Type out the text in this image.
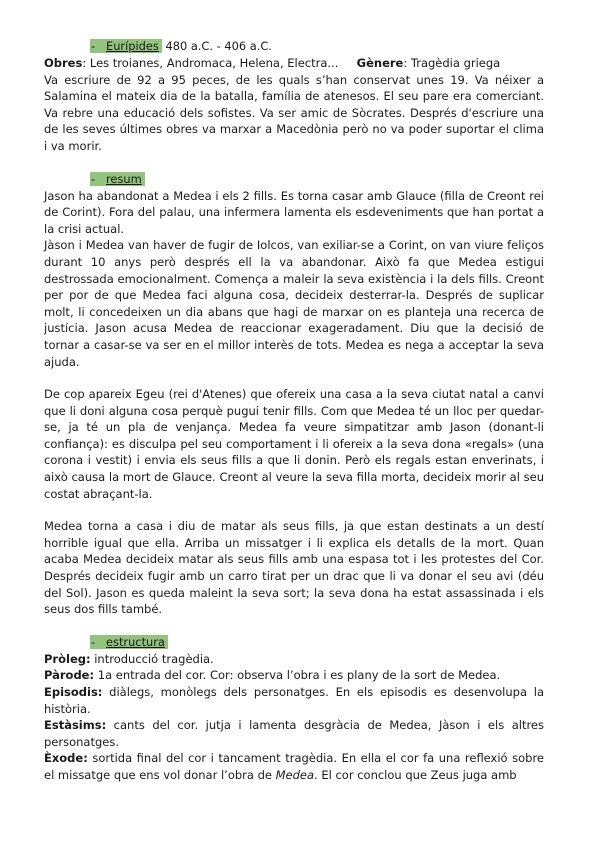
- Eurípides 480 a.C. - 406 a.C.

Obres: Les troianes, Andromaca, Helena, Electra... Gènere: Tragèdia griega

Va escriure de 92 a 95 peces, de les quals s’han conservat unes 19. Va néixer a Salamina el mateix dia de la batalla, família de atenesos. El seu pare era comerciant. Va rebre una educació dels sofistes. Va ser amic de Sòcrates. Després d'escriure una de les seves últimes obres va marxar a Macedònia però no va poder suportar el clima i va morir.

- resum

Jason ha abandonat a Medea i els 2 fills. Es torna casar amb Glauce (filla de Creont rei de Corint). Fora del palau, una infermera lamenta els esdeveniments que han portat a la crisi actual.

Jàson i Medea van haver de fugir de Iolcos, van exiliar-se a Corint, on van viure feliços durant 10 anys però després ell la va abandonar. Això fa que Medea estigui destrossada emocionalment. Comença a maleir la seva existència i la dels fills. Creont per por de que Medea faci alguna cosa, decideix desterrar-la. Després de suplicar molt, li concedeixen un dia abans que hagi de marxar on es planteja una recerca de justícia. Jason acusa Medea de reaccionar exageradament. Diu que la decisió de tornar a casar-se va ser en el millor interès de tots. Medea es nega a acceptar la seva ajuda.

De cop apareix Egeu (rei d'Atenes) que ofereix una casa a la seva ciutat natal a canvi que li doni alguna cosa perquè pugui tenir fills. Com que Medea té un lloc per quedar-se, ja té un pla de venjança. Medea fa veure simpatitzar amb Jason (donant-li confiança): es disculpa pel seu comportament i li ofereix a la seva dona «regals» (una corona i vestit) i envia els seus fills a que li donin. Però els regals estan enverinats, i això causa la mort de Glauce. Creont al veure la seva filla morta, decideix morir al seu costat abraçant-la.

Medea torna a casa i diu de matar als seus fills, ja que estan destinats a un destí horrible igual que ella. Arriba un missatger i li explica els detalls de la mort. Quan acaba Medea decideix matar als seus fills amb una espasa tot i les protestes del Cor. Després decideix fugir amb un carro tirat per un drac que li va donar el seu avi (déu del Sol). Jason es queda maleint la seva sort; la seva dona ha estat assassinada i els seus dos fills també.

- estructura

Pròleg: introducció tragèdia.

Pàrode: 1a entrada del cor. Cor: observa l’obra i es plany de la sort de Medea.

Episodis: diàlegs, monòlegs dels personatges. En els episodis es desenvolupa la història.

Estàsims: cants del cor. jutja i lamenta desgràcia de Medea, Jàson i els altres personatges.

Èxode: sortida final del cor i tancament tragèdia. En ella el cor fa una reflexió sobre el missatge que ens vol donar l’obra de Medea. El cor conclou que Zeus juga amb
